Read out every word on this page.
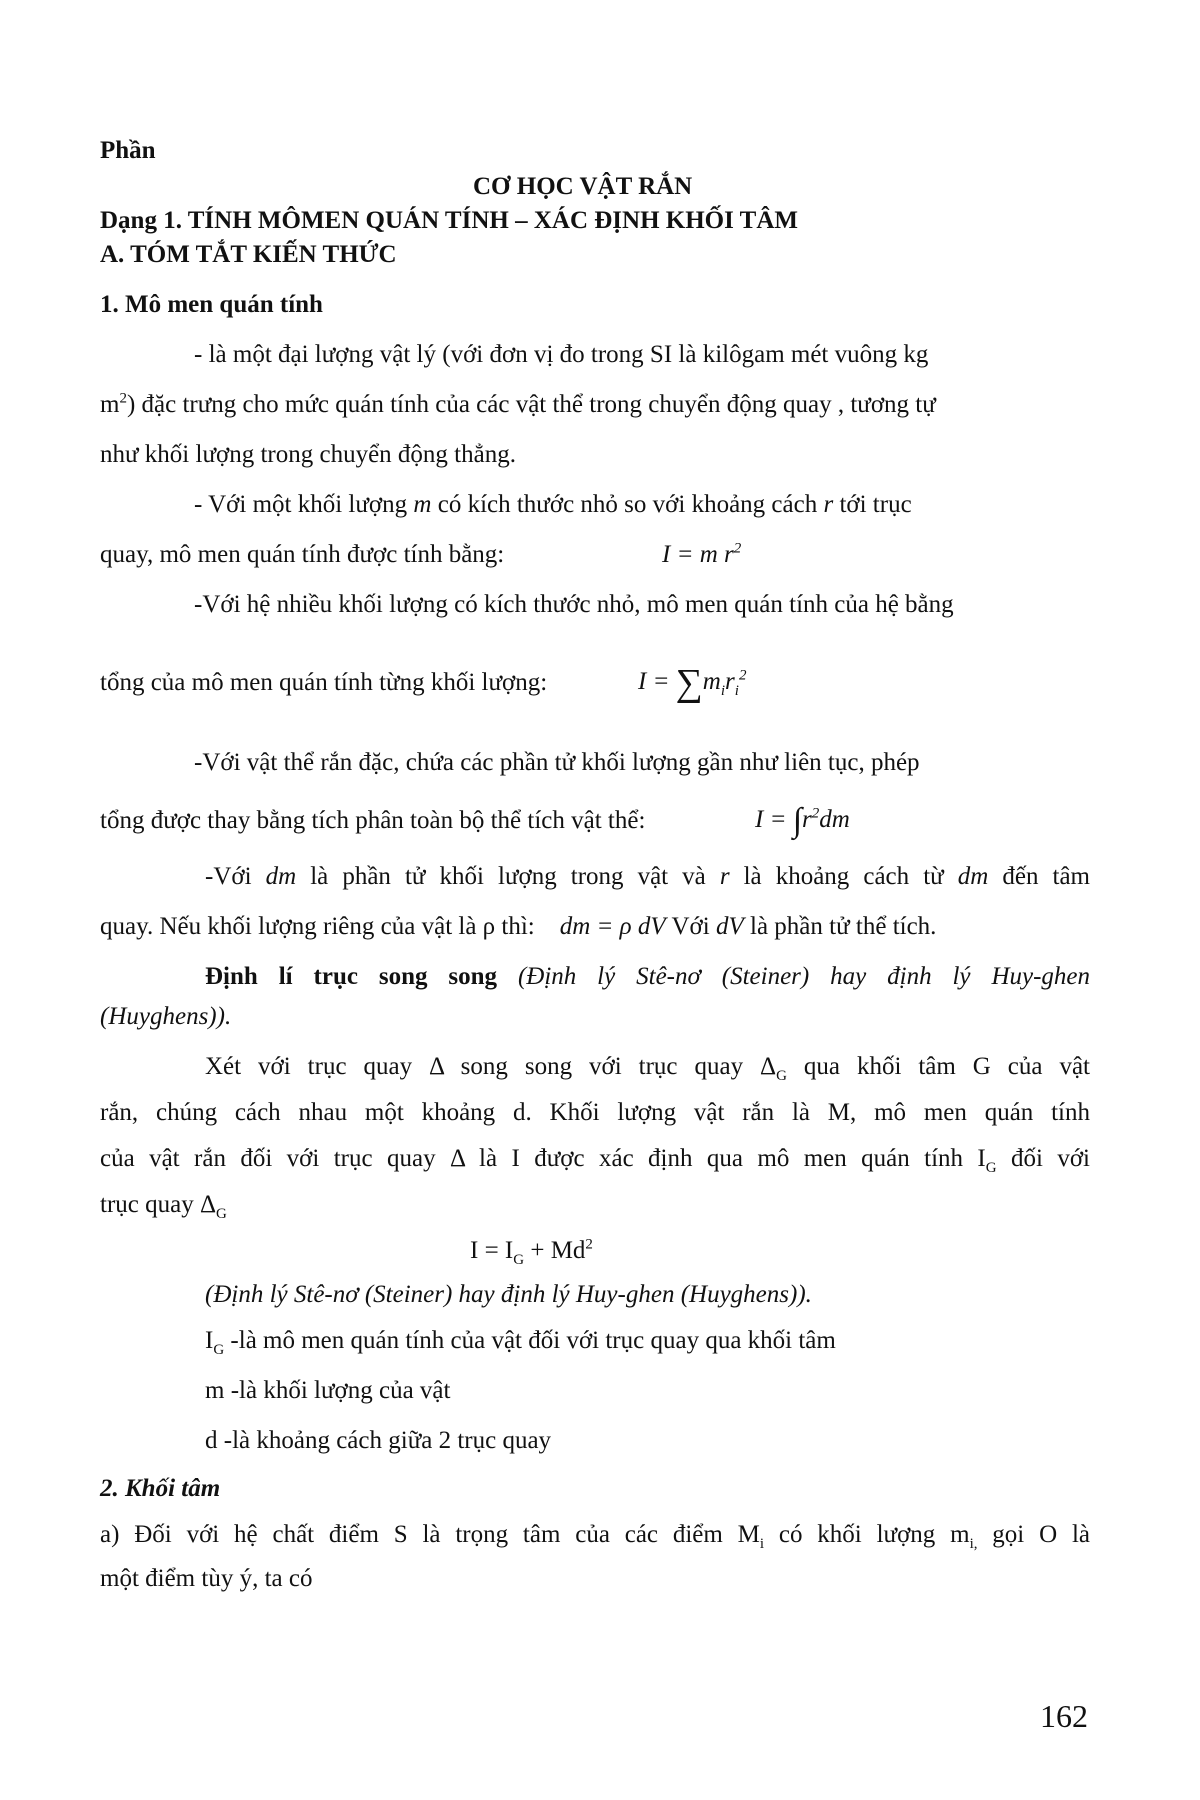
Phần
CƠ HỌC VẬT RẮN
Dạng 1. TÍNH MÔMEN QUÁN TÍNH – XÁC ĐỊNH KHỐI TÂM
A. TÓM TẮT KIẾN THỨC
1. Mô men quán tính
- là một đại lượng vật lý (với đơn vị đo trong SI là kilôgam mét vuông kg
$m^2$) đặc trưng cho mức quán tính của các vật thể trong chuyển động quay , tương tự
như khối lượng trong chuyển động thẳng.
- Với một khối lượng m có kích thước nhỏ so với khoảng cách r tới trục
quay, mô men quán tính được tính bằng:	I = m $r^2$
-Với hệ nhiều khối lượng có kích thước nhỏ, mô men quán tính của hệ bằng
tổng của mô men quán tính từng khối lượng:	$I = \sum m_ir_i^2$
-Với vật thể rắn đặc, chứa các phần tử khối lượng gần như liên tục, phép
tổng được thay bằng tích phân toàn bộ thể tích vật thể:	$I = \int r^2dm$
-Với dm là phần tử khối lượng trong vật và r là khoảng cách từ dm đến tâm
quay. Nếu khối lượng riêng của vật là ρ thì: dm = ρ dV Với dV là phần tử thể tích.
Định lí trục song song (Định lý Stê-nơ (Steiner) hay định lý Huy-ghen
(Huyghens)).
Xét với trục quay Δ song song với trục quay $\Delta_G$ qua khối tâm G của vật
rắn, chúng cách nhau một khoảng d. Khối lượng vật rắn là M, mô men quán tính
của vật rắn đối với trục quay Δ là I được xác định qua mô men quán tính $I_G$ đối với
trục quay $\Delta_G$
$I = I_G + Md^2$
(Định lý Stê-nơ (Steiner) hay định lý Huy-ghen (Huyghens)).
$I_G$ -là mô men quán tính của vật đối với trục quay qua khối tâm
m -là khối lượng của vật
d -là khoảng cách giữa 2 trục quay
2. Khối tâm
a) Đối với hệ chất điểm S là trọng tâm của các điểm $M_i$ có khối lượng $m_{i,}$ gọi O là
một điểm tùy ý, ta có
162
